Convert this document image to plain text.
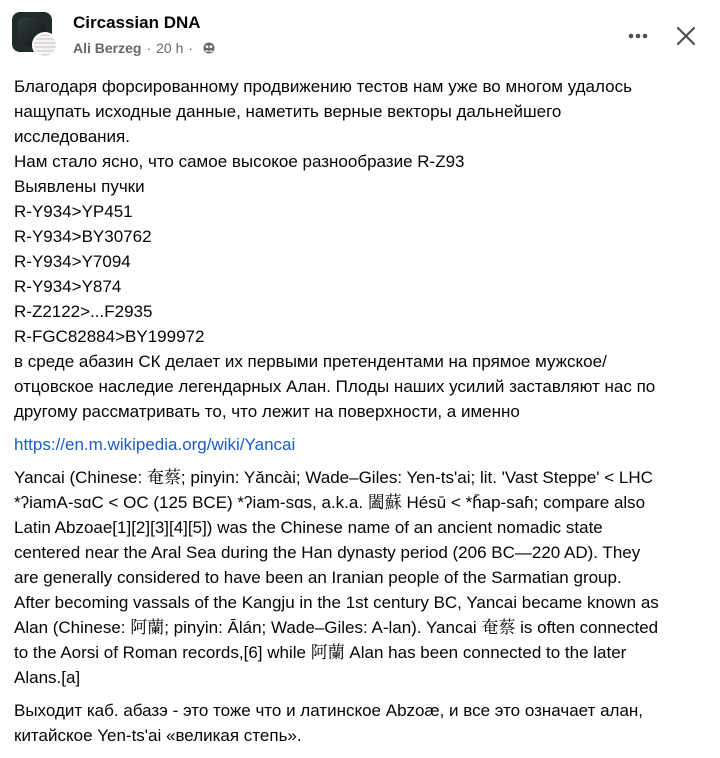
Circassian DNA
Ali Berzeg · 20 h ·
Благодаря форсированному продвижению тестов нам уже во многом удалось
нащупать исходные данные, наметить верные векторы дальнейшего
исследования.
Нам стало ясно, что самое высокое разнообразие R-Z93
Выявлены пучки
R-Y934>YP451
R-Y934>BY30762
R-Y934>Y7094
R-Y934>Y874
R-Z2122>...F2935
R-FGC82884>BY199972
в среде абазин СК делает их первыми претендентами на прямое мужское/
отцовское наследие легендарных Алан. Плоды наших усилий заставляют нас по
другому рассматривать то, что лежит на поверхности, а именно
https://en.m.wikipedia.org/wiki/Yancai
Yancai (Chinese: 奄蔡; pinyin: Yǎncài; Wade–Giles: Yen-ts'ai; lit. 'Vast Steppe' < LHC
*ʔiamA-sɑC < OC (125 BCE) *ʔiam-sɑs, a.k.a. 闔蘇 Hésū < *ɦ̄ap-saɦ; compare also
Latin Abzoae[1][2][3][4][5]) was the Chinese name of an ancient nomadic state
centered near the Aral Sea during the Han dynasty period (206 BC—220 AD). They
are generally considered to have been an Iranian people of the Sarmatian group.
After becoming vassals of the Kangju in the 1st century BC, Yancai became known as
Alan (Chinese: 阿蘭; pinyin: Ālán; Wade–Giles: A-lan). Yancai 奄蔡 is often connected
to the Aorsi of Roman records,[6] while 阿蘭 Alan has been connected to the later
Alans.[a]
Выходит каб. абазэ - это тоже что и латинское Abzoæ, и все это означает алан,
китайское Yen-ts'ai «великая степь».
